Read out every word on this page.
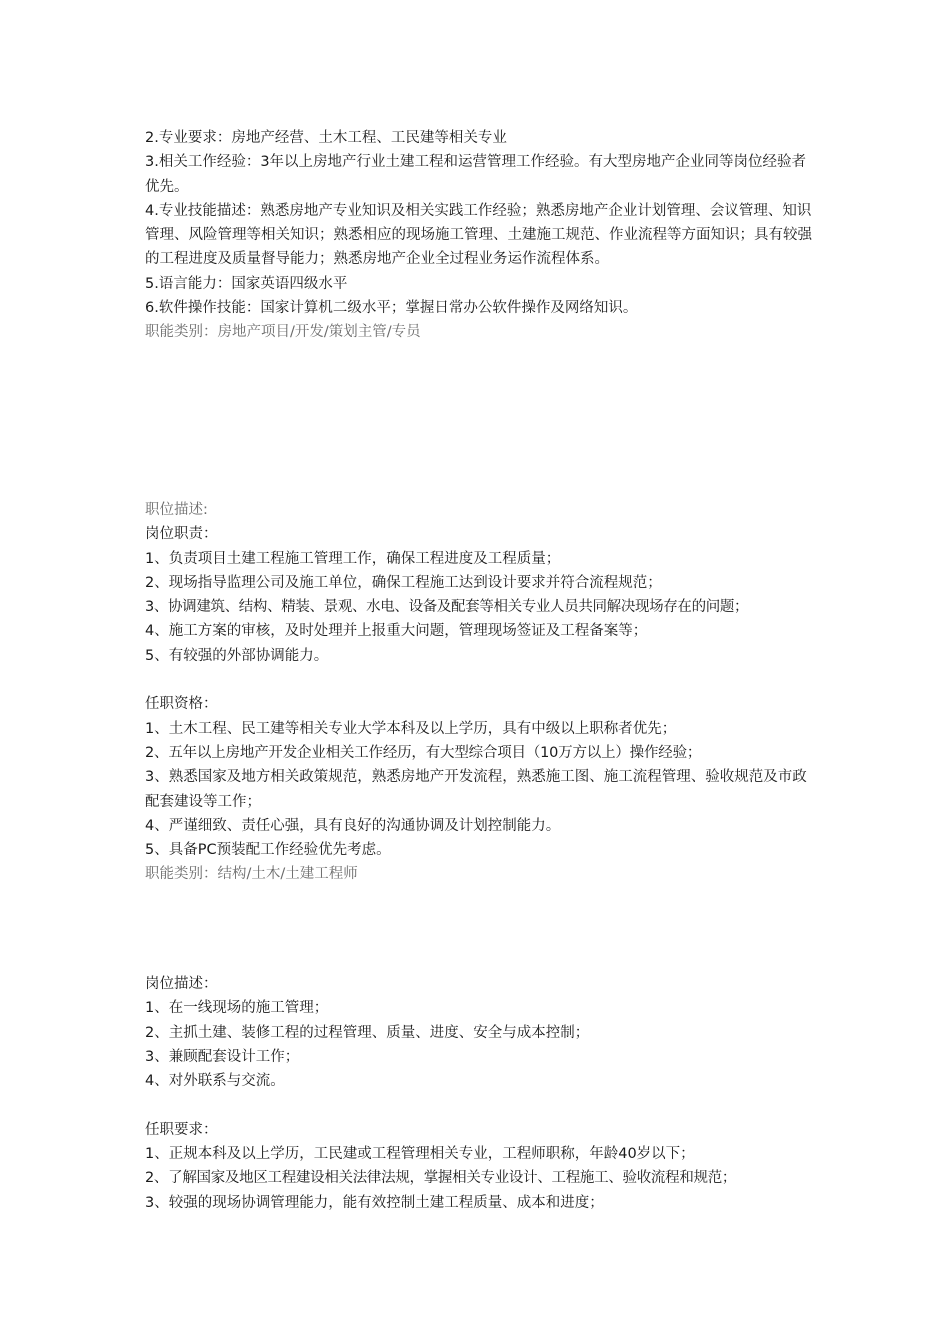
2.专业要求：房地产经营、土木工程、工民建等相关专业

3.相关工作经验：3年以上房地产行业土建工程和运营管理工作经验。有大型房地产企业同等岗位经验者优先。

4.专业技能描述：熟悉房地产专业知识及相关实践工作经验；熟悉房地产企业计划管理、会议管理、知识管理、风险管理等相关知识；熟悉相应的现场施工管理、土建施工规范、作业流程等方面知识；具有较强的工程进度及质量督导能力；熟悉房地产企业全过程业务运作流程体系。

5.语言能力：国家英语四级水平

6.软件操作技能：国家计算机二级水平；掌握日常办公软件操作及网络知识。

职能类别：房地产项目/开发/策划主管/专员

职位描述:

岗位职责：

1、负责项目土建工程施工管理工作，确保工程进度及工程质量；

2、现场指导监理公司及施工单位，确保工程施工达到设计要求并符合流程规范；

3、协调建筑、结构、精装、景观、水电、设备及配套等相关专业人员共同解决现场存在的问题；

4、施工方案的审核，及时处理并上报重大问题，管理现场签证及工程备案等；

5、有较强的外部协调能力。

任职资格：

1、土木工程、民工建等相关专业大学本科及以上学历，具有中级以上职称者优先；

2、五年以上房地产开发企业相关工作经历，有大型综合项目（10万方以上）操作经验；

3、熟悉国家及地方相关政策规范，熟悉房地产开发流程，熟悉施工图、施工流程管理、验收规范及市政配套建设等工作；

4、严谨细致、责任心强，具有良好的沟通协调及计划控制能力。

5、具备PC预装配工作经验优先考虑。

职能类别：结构/土木/土建工程师

岗位描述：

1、在一线现场的施工管理；

2、主抓土建、装修工程的过程管理、质量、进度、安全与成本控制；

3、兼顾配套设计工作；

4、对外联系与交流。

任职要求：

1、正规本科及以上学历，工民建或工程管理相关专业，工程师职称，年龄40岁以下；

2、了解国家及地区工程建设相关法律法规，掌握相关专业设计、工程施工、验收流程和规范；

3、较强的现场协调管理能力，能有效控制土建工程质量、成本和进度；
